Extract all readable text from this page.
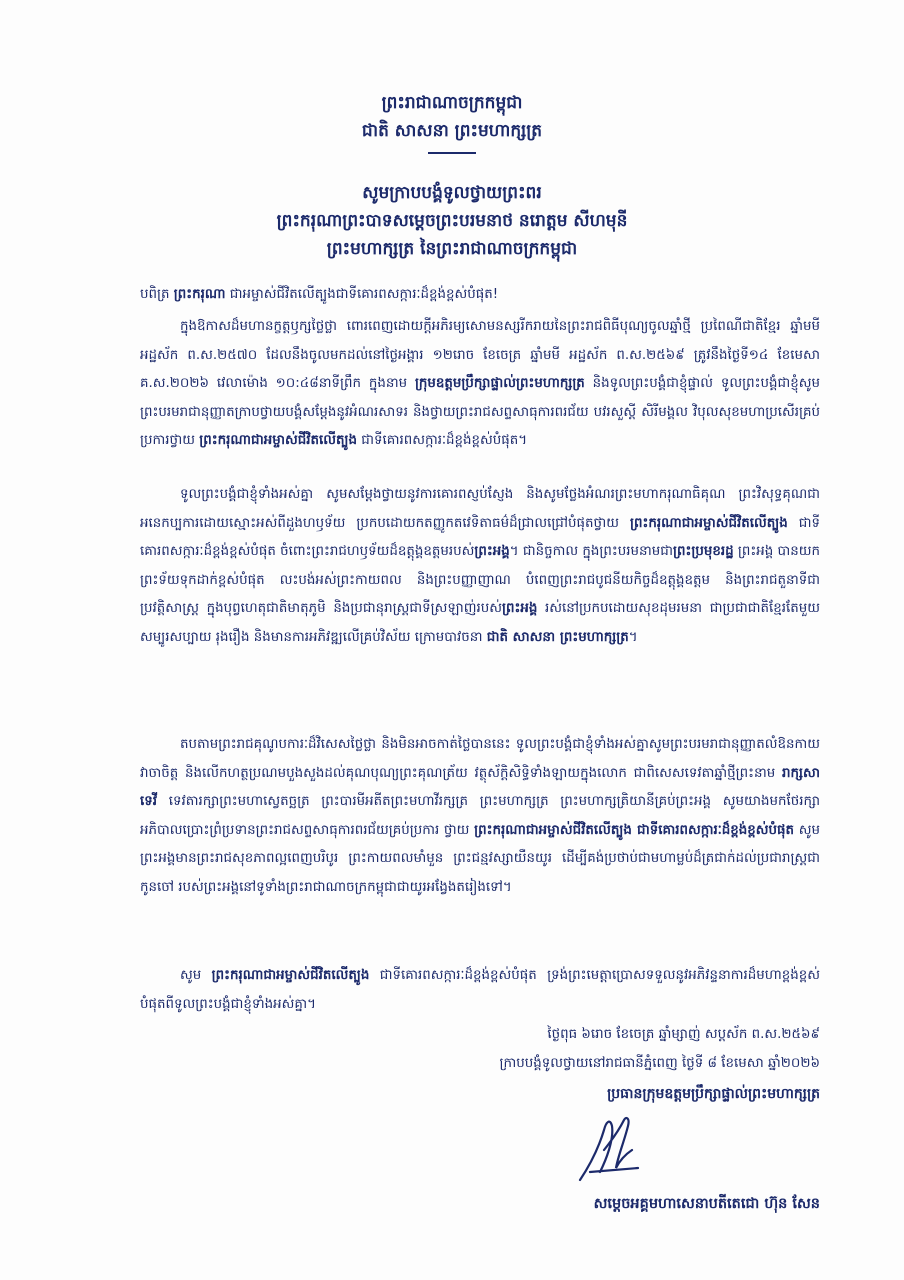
ព្រះរាជាណាចក្រកម្ពុជា
ជាតិ សាសនា ព្រះមហាក្សត្រ
សូមក្រាបបង្គំទូលថ្វាយព្រះពរ
ព្រះករុណាព្រះបាទសម្ដេចព្រះបរមនាថ នរោត្តម សីហមុនី
ព្រះមហាក្សត្រ នៃព្រះរាជាណាចក្រកម្ពុជា
បពិត្រ ព្រះករុណា ជាអម្ចាស់ជីវិតលើត្បូងជាទីគោរពសក្ការៈដ៏ខ្ពង់ខ្ពស់បំផុត!
ក្នុងឱកាសដ៏មហានក្ខត្តឫក្សថ្លៃថ្លា ពោរពេញដោយក្ដីអភិរម្យសោមនស្សរីករាយនៃព្រះរាជពិធីបុណ្យចូលឆ្នាំថ្មី ប្រពៃណីជាតិខ្មែរ ឆ្នាំមមី អដ្ឋស័ក ព.ស.២៥៧០ ដែលនឹងចូលមកដល់នៅថ្ងៃអង្គារ ១២រោច ខែចេត្រ ឆ្នាំមមី អដ្ឋស័ក ព.ស.២៥៦៩ ត្រូវនឹងថ្ងៃទី១៤ ខែមេសា គ.ស.២០២៦ វេលាម៉ោង ១០:៤៨នាទីព្រឹក ក្នុងនាម ក្រុមឧត្ដមប្រឹក្សាផ្ទាល់ព្រះមហាក្សត្រ និងទូលព្រះបង្គំជាខ្ញុំផ្ទាល់ ទូលព្រះបង្គំជាខ្ញុំសូមព្រះបរមរាជានុញ្ញាតក្រាបថ្វាយបង្គំសម្ដែងនូវអំណរសាទរ និងថ្វាយព្រះរាជសព្ទសាធុការពរជ័យ បវរសួស្ដី សិរីមង្គល វិបុលសុខមហាប្រសើរគ្រប់ប្រការថ្វាយ ព្រះករុណាជាអម្ចាស់ជីវិតលើត្បូង ជាទីគោរពសក្ការៈដ៏ខ្ពង់ខ្ពស់បំផុត។
ទូលព្រះបង្គំជាខ្ញុំទាំងអស់គ្នា សូមសម្ដែងថ្វាយនូវការគោរពស្ញប់ស្ញែង និងសូមថ្លែងអំណរព្រះមហាករុណាធិគុណ ព្រះវិសុទ្ធគុណជាអនេកប្បការដោយស្មោះអស់ពីដួងហឫទ័យ ប្រកបដោយកតញ្ញូកតវេទិតាធម៌ដ៏ជ្រាលជ្រៅបំផុតថ្វាយ ព្រះករុណាជាអម្ចាស់ជីវិតលើត្បូង ជាទីគោរពសក្ការៈដ៏ខ្ពង់ខ្ពស់បំផុត ចំពោះព្រះរាជហឫទ័យដ៏ឧត្តុង្គឧត្តមរបស់ព្រះអង្គ។ ជានិច្ចកាល ក្នុងព្រះបរមនាមជាព្រះប្រមុខរដ្ឋ ព្រះអង្គ បានយកព្រះទ័យទុកដាក់ខ្ពស់បំផុត លះបង់អស់ព្រះកាយពល និងព្រះបញ្ញាញាណ បំពេញព្រះរាជបូជនីយកិច្ចដ៏ឧត្តុង្គឧត្តម និងព្រះរាជតួនាទីជាប្រវត្តិសាស្ត្រ ក្នុងបុព្វហេតុជាតិមាតុភូមិ និងប្រជានុរាស្ត្រជាទីស្រឡាញ់របស់ព្រះអង្គ រស់នៅប្រកបដោយសុខដុមរមនា ជាប្រជាជាតិខ្មែរតែមួយ សម្បូរសប្បាយ រុងរឿង និងមានការអភិវឌ្ឍលើគ្រប់វិស័យ ក្រោមបាវចនា ជាតិ សាសនា ព្រះមហាក្សត្រ។
តបតាមព្រះរាជគុណូបការៈដ៏វិសេសថ្លៃថ្លា និងមិនអាចកាត់ថ្លៃបាននេះ ទូលព្រះបង្គំជាខ្ញុំទាំងអស់គ្នាសូមព្រះបរមរាជានុញ្ញាតលំឱនកាយវាចាចិត្ត និងលើកហត្ថប្រណមបួងសួងដល់គុណបុណ្យព្រះគុណត្រ័យ វត្ថុស័ក្តិសិទ្ធិទាំងឡាយក្នុងលោក ជាពិសេសទេវតាឆ្នាំថ្មីព្រះនាម រាក្សសាទេវី ទេវតារក្សាព្រះមហាស្វេតច្ឆត្រ ព្រះបារមីអតីតព្រះមហាវីរក្សត្រ ព្រះមហាក្សត្រ ព្រះមហាក្សត្រិយានីគ្រប់ព្រះអង្គ សូមយាងមកថែរក្សាអភិបាលប្រោះព្រំប្រទានព្រះរាជសព្ទសាធុការពរជ័យគ្រប់ប្រការ ថ្វាយ ព្រះករុណាជាអម្ចាស់ជីវិតលើត្បូង ជាទីគោរពសក្ការៈដ៏ខ្ពង់ខ្ពស់បំផុត សូមព្រះអង្គមានព្រះរាជសុខភាពល្អពេញបរិបូរ ព្រះកាយពលមាំមួន ព្រះជន្មវស្សាយឺនយូរ ដើម្បីគង់ប្រថាប់ជាមហាម្លប់ដ៏ត្រជាក់ដល់ប្រជារាស្ត្រជាកូនចៅ របស់ព្រះអង្គនៅទូទាំងព្រះរាជាណាចក្រកម្ពុជាជាយូរអង្វែងតរៀងទៅ។
សូម ព្រះករុណាជាអម្ចាស់ជីវិតលើត្បូង ជាទីគោរពសក្ការៈដ៏ខ្ពង់ខ្ពស់បំផុត ទ្រង់ព្រះមេត្តាប្រោសទទួលនូវអភិវន្ទនាការដ៏មហាខ្ពង់ខ្ពស់បំផុតពីទូលព្រះបង្គំជាខ្ញុំទាំងអស់គ្នា។
ថ្ងៃពុធ ៦រោច ខែចេត្រ ឆ្នាំម្សាញ់ សប្ដស័ក ព.ស.២៥៦៩
ក្រាបបង្គំទូលថ្វាយនៅរាជធានីភ្នំពេញ ថ្ងៃទី ៨ ខែមេសា ឆ្នាំ២០២៦
ប្រធានក្រុមឧត្តមប្រឹក្សាផ្ទាល់ព្រះមហាក្សត្រ
សម្ដេចអគ្គមហាសេនាបតីតេជោ ហ៊ុន សែន
